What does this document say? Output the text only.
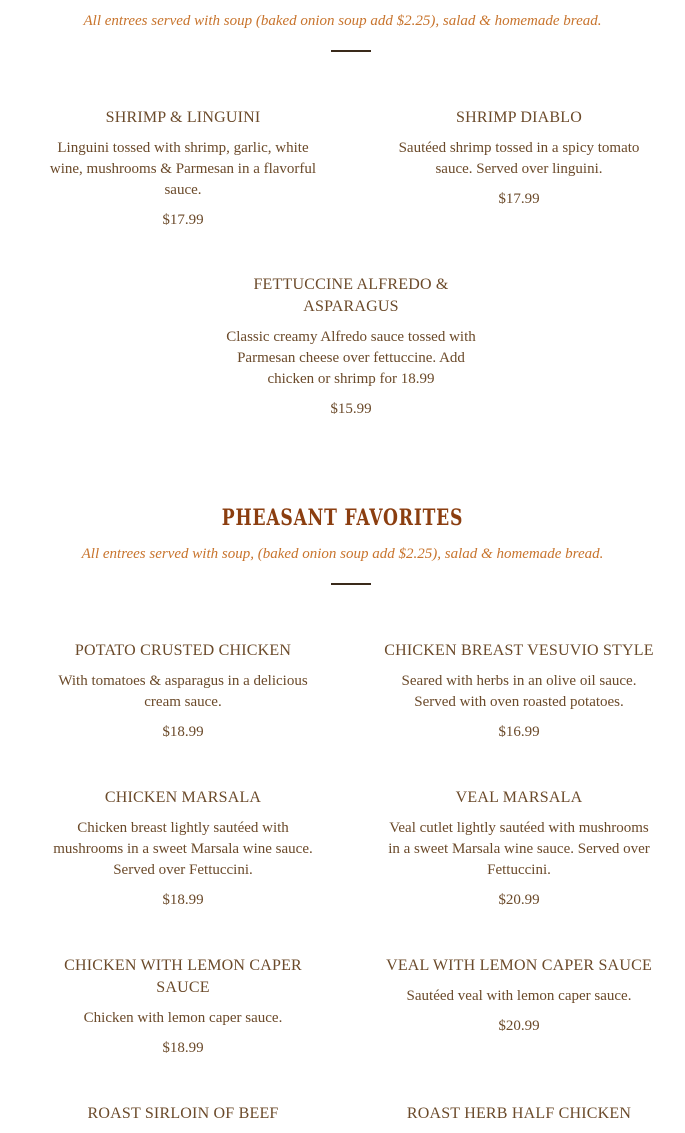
All entrees served with soup (baked onion soup add $2.25), salad & homemade bread.
SHRIMP & LINGUINI
Linguini tossed with shrimp, garlic, white wine, mushrooms & Parmesan in a flavorful sauce.
$17.99
SHRIMP DIABLO
Sautéed shrimp tossed in a spicy tomato sauce. Served over linguini.
$17.99
FETTUCCINE ALFREDO & ASPARAGUS
Classic creamy Alfredo sauce tossed with Parmesan cheese over fettuccine. Add chicken or shrimp for 18.99
$15.99
PHEASANT FAVORITES
All entrees served with soup, (baked onion soup add $2.25), salad & homemade bread.
POTATO CRUSTED CHICKEN
With tomatoes & asparagus in a delicious cream sauce.
$18.99
CHICKEN BREAST VESUVIO STYLE
Seared with herbs in an olive oil sauce. Served with oven roasted potatoes.
$16.99
CHICKEN MARSALA
Chicken breast lightly sautéed with mushrooms in a sweet Marsala wine sauce. Served over Fettuccini.
$18.99
VEAL MARSALA
Veal cutlet lightly sautéed with mushrooms in a sweet Marsala wine sauce. Served over Fettuccini.
$20.99
CHICKEN WITH LEMON CAPER SAUCE
Chicken with lemon caper sauce.
$18.99
VEAL WITH LEMON CAPER SAUCE
Sautéed veal with lemon caper sauce.
$20.99
ROAST SIRLOIN OF BEEF	ROAST HERB HALF CHICKEN
